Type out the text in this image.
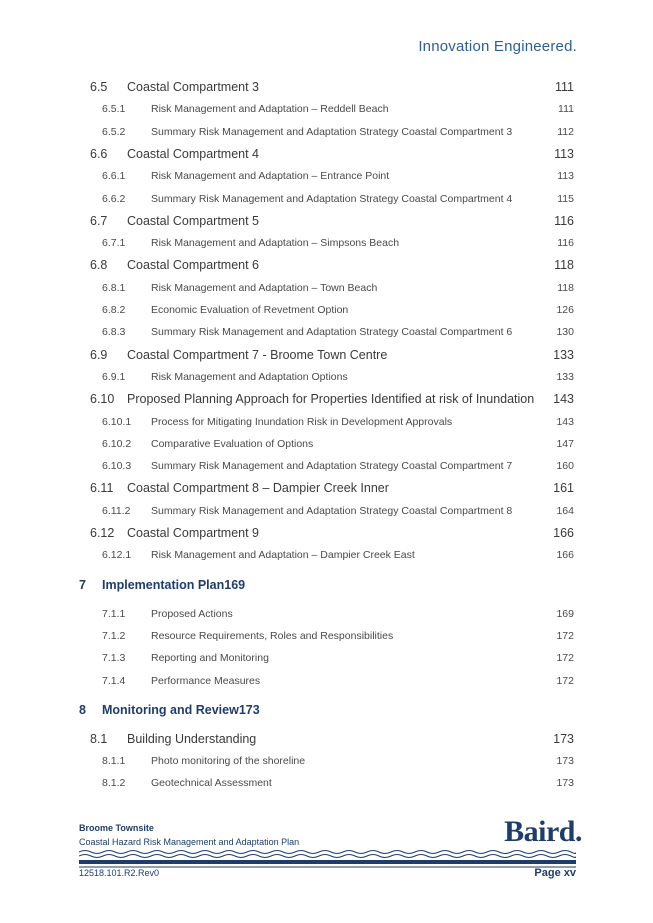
Innovation Engineered.
6.5 Coastal Compartment 3	111
6.5.1 Risk Management and Adaptation – Reddell Beach	111
6.5.2 Summary Risk Management and Adaptation Strategy Coastal Compartment 3	112
6.6 Coastal Compartment 4	113
6.6.1 Risk Management and Adaptation – Entrance Point	113
6.6.2 Summary Risk Management and Adaptation Strategy Coastal Compartment 4	115
6.7 Coastal Compartment 5	116
6.7.1 Risk Management and Adaptation – Simpsons Beach	116
6.8 Coastal Compartment 6	118
6.8.1 Risk Management and Adaptation – Town Beach	118
6.8.2 Economic Evaluation of Revetment Option	126
6.8.3 Summary Risk Management and Adaptation Strategy Coastal Compartment 6	130
6.9 Coastal Compartment 7 - Broome Town Centre	133
6.9.1 Risk Management and Adaptation Options	133
6.10 Proposed Planning Approach for Properties Identified at risk of Inundation 143
6.10.1 Process for Mitigating Inundation Risk in Development Approvals	143
6.10.2 Comparative Evaluation of Options	147
6.10.3 Summary Risk Management and Adaptation Strategy Coastal Compartment 7	160
6.11 Coastal Compartment 8 – Dampier Creek Inner	161
6.11.2 Summary Risk Management and Adaptation Strategy Coastal Compartment 8	164
6.12 Coastal Compartment 9	166
6.12.1 Risk Management and Adaptation – Dampier Creek East	166
7 Implementation Plan 169
7.1.1 Proposed Actions	169
7.1.2 Resource Requirements, Roles and Responsibilities	172
7.1.3 Reporting and Monitoring	172
7.1.4 Performance Measures	172
8 Monitoring and Review 173
8.1 Building Understanding	173
8.1.1 Photo monitoring of the shoreline	173
8.1.2 Geotechnical Assessment	173
Broome Townsite
Coastal Hazard Risk Management and Adaptation Plan	Baird.
12518.101.R2.Rev0	Page xv
